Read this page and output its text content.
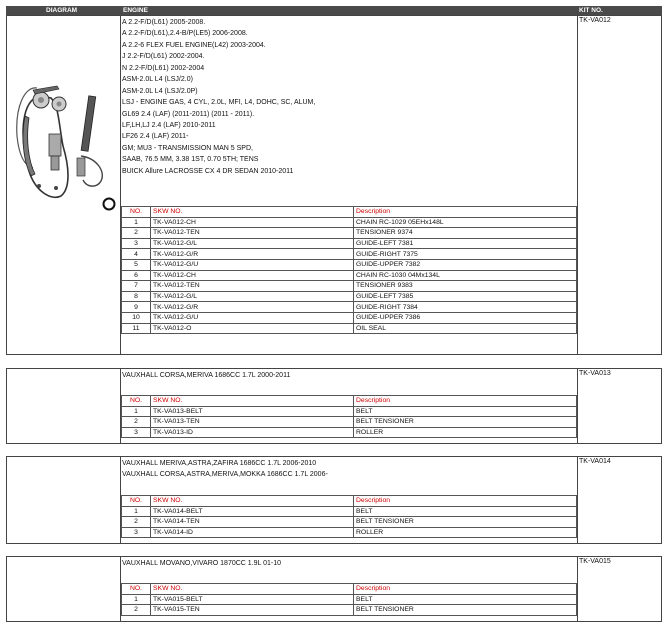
DIAGRAM	ENGINE	KIT NO.
A 2.2-F/D(L61) 2005-2008.
A 2.2-F/D(L61),2.4-B/P(LE5) 2006-2008.
A 2.2-6 FLEX FUEL ENGINE(L42) 2003-2004.
J 2.2-F/D(L61) 2002-2004.
N 2.2-F/D(L61) 2002-2004
ASM-2.0L L4 (LSJ/2.0)
ASM-2.0L L4 (LSJ/2.0P)
LSJ - ENGINE GAS, 4 CYL, 2.0L, MFI, L4, DOHC, SC, ALUM,
GL69 2.4 (LAF) (2011-2011) (2011 - 2011).
LF,LH,LJ 2.4 (LAF) 2010-2011
LF26 2.4 (LAF) 2011-
GM; MU3 - TRANSMISSION MAN 5 SPD,
SAAB, 76.5 MM, 3.38 1ST, 0.70 5TH; TENS
BUICK Allure LACROSSE CX 4 DR SEDAN 2010-2011
TK-VA012
NO.	SKW NO.	Description
1	TK-VA012-CH	CHAIN RC-1029 05EHx148L
2	TK-VA012-TEN	TENSIONER 9374
3	TK-VA012-G/L	GUIDE-LEFT 7381
4	TK-VA012-G/R	GUIDE-RIGHT 7375
5	TK-VA012-G/U	GUIDE-UPPER 7382
6	TK-VA012-CH	CHAIN RC-1030 04Mx134L
7	TK-VA012-TEN	TENSIONER 9383
8	TK-VA012-G/L	GUIDE-LEFT 7385
9	TK-VA012-G/R	GUIDE-RIGHT 7384
10	TK-VA012-G/U	GUIDE-UPPER 7386
11	TK-VA012-O	OIL SEAL
VAUXHALL CORSA,MERIVA 1686CC 1.7L 2000-2011	TK-VA013
NO.	SKW NO.	Description
1	TK-VA013-BELT	BELT
2	TK-VA013-TEN	BELT TENSIONER
3	TK-VA013-ID	ROLLER
VAUXHALL MERIVA,ASTRA,ZAFIRA 1686CC 1.7L 2006-2010
VAUXHALL CORSA,ASTRA,MERIVA,MOKKA 1686CC 1.7L 2006-
TK-VA014
NO.	SKW NO.	Description
1	TK-VA014-BELT	BELT
2	TK-VA014-TEN	BELT TENSIONER
3	TK-VA014-ID	ROLLER
VAUXHALL MOVANO,VIVARO 1870CC 1.9L 01-10	TK-VA015
NO.	SKW NO.	Description
1	TK-VA015-BELT	BELT
2	TK-VA015-TEN	BELT TENSIONER
